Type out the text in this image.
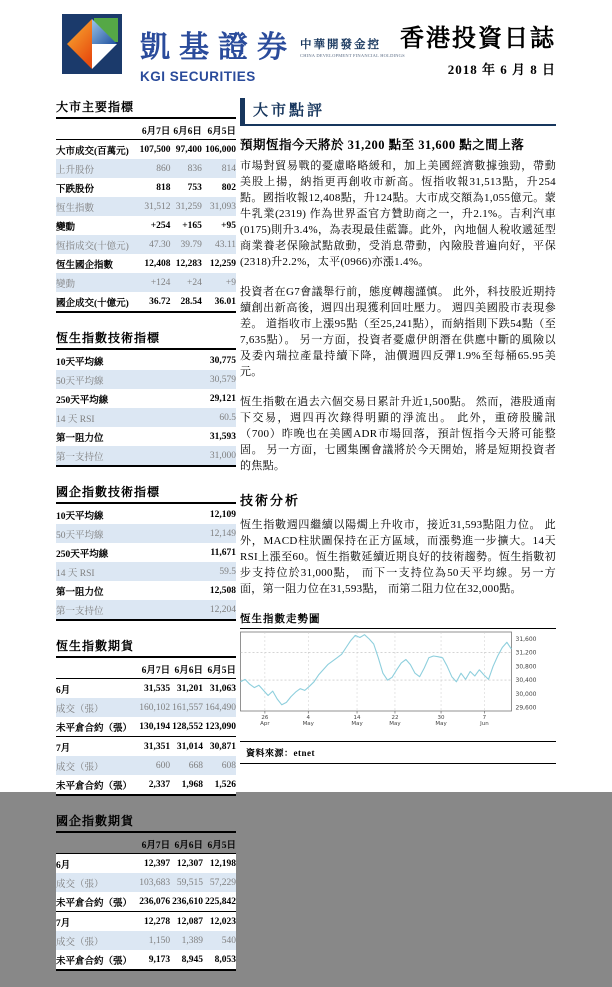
凱基證券
KGI SECURITIES
中華開發金控
CHINA DEVELOPMENT FINANCIAL HOLDINGS
香港投資日誌
2018 年 6 月 8 日
大市主要指標
	6月7日	6月6日	6月5日
大市成交(百萬元)	107,500	97,400	106,000
上升股份	860	836	814
下跌股份	818	753	802
恆生指數	31,512	31,259	31,093
變動	+254	+165	+95
恆指成交(十億元)	47.30	39.79	43.11
恆生國企指數	12,408	12,283	12,259
變動	+124	+24	+9
國企成交(十億元)	36.72	28.54	36.01
恆生指數技術指標
10天平均線	30,775
50天平均線	30,579
250天平均線	29,121
14 天 RSI	60.5
第一阻力位	31,593
第一支持位	31,000
國企指數技術指標
10天平均線	12,109
50天平均線	12,149
250天平均線	11,671
14 天 RSI	59.5
第一阻力位	12,508
第一支持位	12,204
恆生指數期貨
	6月7日	6月6日	6月5日
6月	31,535	31,201	31,063
成交（張）	160,102	161,557	164,490
未平倉合約（張）	130,194	128,552	123,090
7月	31,351	31,014	30,871
成交（張）	600	668	608
未平倉合約（張）	2,337	1,968	1,526
國企指數期貨
	6月7日	6月6日	6月5日
6月	12,397	12,307	12,198
成交（張）	103,683	59,515	57,229
未平倉合約（張）	236,076	236,610	225,842
7月	12,278	12,087	12,023
成交（張）	1,150	1,389	540
未平倉合約（張）	9,173	8,945	8,053
大市點評
預期恆指今天將於 31,200 點至 31,600 點之間上落

市場對貿易戰的憂慮略略緩和，加上美國經濟數據強勁，帶動美股上揚，納指更再創收市新高。恆指收報31,513點，升254點。國指收報12,408點，升124點。大市成交額為1,055億元。蒙牛乳業(2319) 作為世界盃官方贊助商之一，升2.1%。吉利汽車(0175)則升3.4%，為表現最佳藍籌。此外，內地個人稅收遞延型商業養老保險試點啟動，受消息帶動，內險股普遍向好，平保(2318)升2.2%，太平(0966)亦漲1.4%。

投資者在G7會議舉行前，態度轉趨謹慎。 此外，科技股近期持續創出新高後，週四出現獲利回吐壓力。 週四美國股市表現參差。 道指收市上漲95點（至25,241點），而納指則下跌54點（至7,635點）。 另一方面，投資者憂慮伊朗潛在供應中斷的風險以及委內瑞拉產量持續下降，油價週四反彈1.9%至每桶65.95美元。

恆生指數在過去六個交易日累計升近1,500點。 然而，港股通南下交易，週四再次錄得明顯的淨流出。 此外，重磅股騰訊（700）昨晚也在美國ADR市場回落，預計恆指今天將可能整固。 另一方面，七國集團會議將於今天開始，將是短期投資者的焦點。

技術分析

恆生指數週四繼續以陽燭上升收市，接近31,593點阻力位。 此外，MACD柱狀圖保持在正方區域，而漲勢進一步擴大。14天RSI上漲至60。恆生指數延續近期良好的技術趨勢。恆生指數初步支持位於31,000點， 而下一支持位為50天平均線。另一方面，第一阻力位在31,593點， 而第二阻力位在32,000點。

恆生指數走勢圖
31,600
31,200
30,800
30,400
30,000
29,600
26
Apr
4
May
14
May
22
May
30
May
7
Jun
資料來源：etnet
